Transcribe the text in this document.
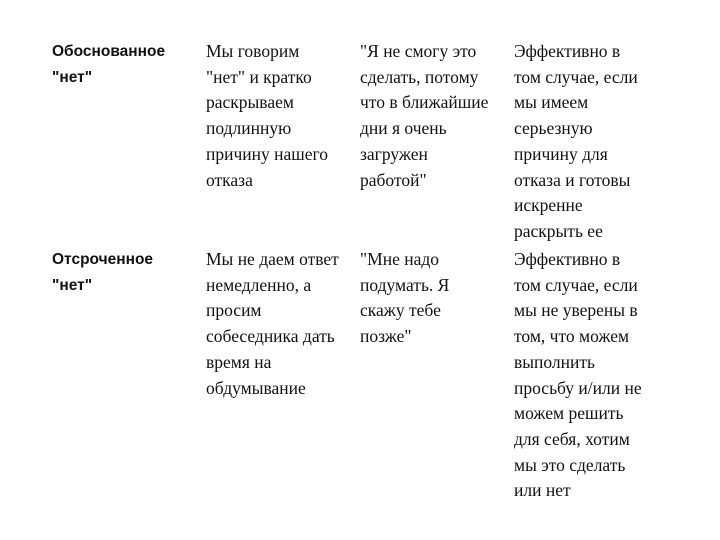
Обоснованное
"нет"
Мы говорим
"нет" и кратко
раскрываем
подлинную
причину нашего
отказа
"Я не смогу это
сделать, потому
что в ближайшие
дни я очень
загружен
работой"
Эффективно в
том случае, если
мы имеем
серьезную
причину для
отказа и готовы
искренне
раскрыть ее
Отсроченное
"нет"
Мы не даем ответ
немедленно, а
просим
собеседника дать
время на
обдумывание
"Мне надо
подумать. Я
скажу тебе
позже"
Эффективно в
том случае, если
мы не уверены в
том, что можем
выполнить
просьбу и/или не
можем решить
для себя, хотим
мы это сделать
или нет
